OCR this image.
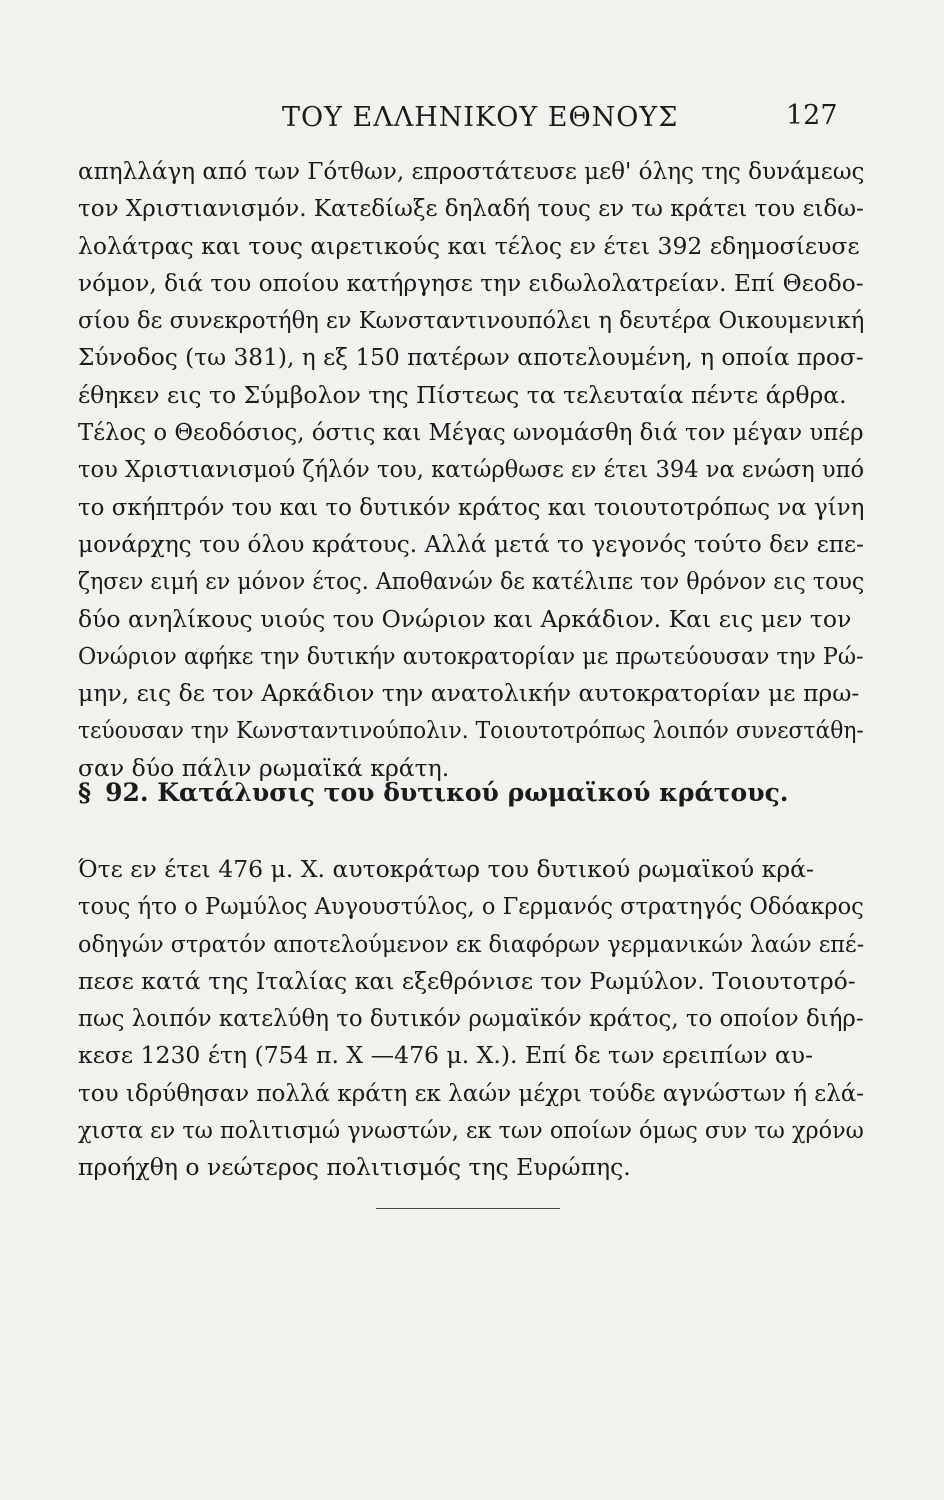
ΤΟΥ ΕΛΛΗΝΙΚΟΥ ΕΘΝΟΥΣ	127
απηλλάγη από των Γότθων, επροστάτευσε μεθ' όλης της δυνάμεως
τον Χριστιανισμόν. Κατεδίωξε δηλαδή τους εν τω κράτει του ειδω-
λολάτρας και τους αιρετικούς και τέλος εν έτει 392 εδημοσίευσε
νόμον, διά του οποίου κατήργησε την ειδωλολατρείαν. Επί Θεοδο-
σίου δε συνεκροτήθη εν Κωνσταντινουπόλει η δευτέρα Οικουμενική
Σύνοδος (τω 381), η εξ 150 πατέρων αποτελουμένη, η οποία προσ-
έθηκεν εις το Σύμβολον της Πίστεως τα τελευταία πέντε άρθρα.
Τέλος ο Θεοδόσιος, όστις και Μέγας ωνομάσθη διά τον μέγαν υπέρ
του Χριστιανισμού ζήλόν του, κατώρθωσε εν έτει 394 να ενώση υπό
το σκήπτρόν του και το δυτικόν κράτος και τοιουτοτρόπως να γίνη
μονάρχης του όλου κράτους. Αλλά μετά το γεγονός τούτο δεν επε-
ζησεν ειμή εν μόνον έτος. Αποθανών δε κατέλιπε τον θρόνον εις τους
δύο ανηλίκους υιούς του Ονώριον και Αρκάδιον. Και εις μεν τον
Ονώριον αφήκε την δυτικήν αυτοκρατορίαν με πρωτεύουσαν την Ρώ-
μην, εις δε τον Αρκάδιον την ανατολικήν αυτοκρατορίαν με πρω-
τεύουσαν την Κωνσταντινούπολιν. Τοιουτοτρόπως λοιπόν συνεστάθη-
σαν δύο πάλιν ρωμαϊκά κράτη.
§ 92. Κατάλυσις του δυτικού ρωμαϊκού κράτους.
Ότε εν έτει 476 μ. Χ. αυτοκράτωρ του δυτικού ρωμαϊκού κρά-
τους ήτο ο Ρωμύλος Αυγουστύλος, ο Γερμανός στρατηγός Οδόακρος
οδηγών στρατόν αποτελούμενον εκ διαφόρων γερμανικών λαών επέ-
πεσε κατά της Ιταλίας και εξεθρόνισε τον Ρωμύλον. Τοιουτοτρό-
πως λοιπόν κατελύθη το δυτικόν ρωμαϊκόν κράτος, το οποίον διήρ-
κεσε 1230 έτη (754 π. Χ —476 μ. Χ.). Επί δε των ερειπίων αυ-
του ιδρύθησαν πολλά κράτη εκ λαών μέχρι τούδε αγνώστων ή ελά-
χιστα εν τω πολιτισμώ γνωστών, εκ των οποίων όμως συν τω χρόνω
προήχθη ο νεώτερος πολιτισμός της Ευρώπης.
